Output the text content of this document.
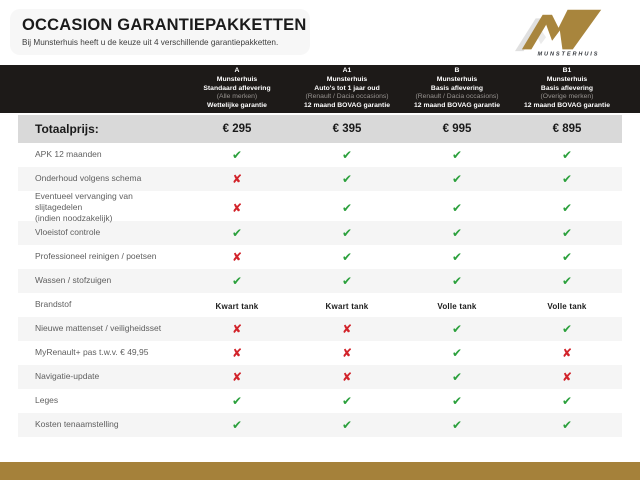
OCCASION GARANTIEPAKKETTEN
Bij Munsterhuis heeft u de keuze uit 4 verschillende garantiepakketten.
MUNSTERHUIS
A
Munsterhuis
Standaard aflevering
(Alle merken)
Wettelijke garantie
A1
Munsterhuis
Auto's tot 1 jaar oud
(Renault / Dacia occasions)
12 maand BOVAG garantie
B
Munsterhuis
Basis aflevering
(Renault / Dacia occasions)
12 maand BOVAG garantie
B1
Munsterhuis
Basis aflevering
(Overige merken)
12 maand BOVAG garantie
Totaalprijs:	€ 295	€ 395	€ 995	€ 895
APK 12 maanden	✔	✔	✔	✔
Onderhoud volgens schema	✘	✔	✔	✔
Eventueel vervanging van slijtagedelen
(indien noodzakelijk)
✘	✔	✔	✔
Vloeistof controle	✔	✔	✔	✔
Professioneel reinigen / poetsen	✘	✔	✔	✔
Wassen / stofzuigen	✔	✔	✔	✔
Brandstof	Kwart tank	Kwart tank	Volle tank	Volle tank
Nieuwe mattenset / veiligheidsset	✘	✘	✔	✔
MyRenault+ pas t.w.v. € 49,95	✘	✘	✔	✘
Navigatie-update	✘	✘	✔	✘
Leges	✔	✔	✔	✔
Kosten tenaamstelling	✔	✔	✔	✔
